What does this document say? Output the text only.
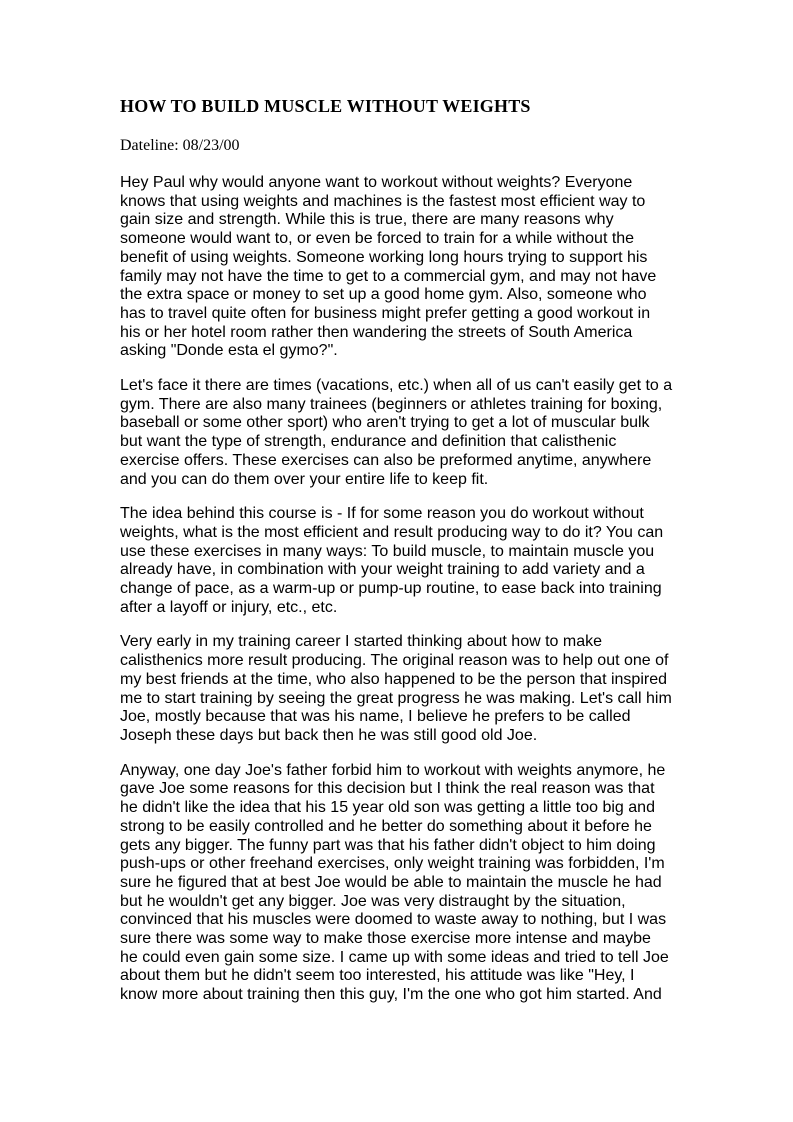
HOW TO BUILD MUSCLE WITHOUT WEIGHTS

Dateline: 08/23/00

Hey Paul why would anyone want to workout without weights? Everyone knows that using weights and machines is the fastest most efficient way to gain size and strength. While this is true, there are many reasons why someone would want to, or even be forced to train for a while without the benefit of using weights. Someone working long hours trying to support his family may not have the time to get to a commercial gym, and may not have the extra space or money to set up a good home gym. Also, someone who has to travel quite often for business might prefer getting a good workout in his or her hotel room rather then wandering the streets of South America asking "Donde esta el gymo?".

Let's face it there are times (vacations, etc.) when all of us can't easily get to a gym. There are also many trainees (beginners or athletes training for boxing, baseball or some other sport) who aren't trying to get a lot of muscular bulk but want the type of strength, endurance and definition that calisthenic exercise offers. These exercises can also be preformed anytime, anywhere and you can do them over your entire life to keep fit.

The idea behind this course is - If for some reason you do workout without weights, what is the most efficient and result producing way to do it? You can use these exercises in many ways: To build muscle, to maintain muscle you already have, in combination with your weight training to add variety and a change of pace, as a warm-up or pump-up routine, to ease back into training after a layoff or injury, etc., etc.

Very early in my training career I started thinking about how to make calisthenics more result producing. The original reason was to help out one of my best friends at the time, who also happened to be the person that inspired me to start training by seeing the great progress he was making. Let's call him Joe, mostly because that was his name, I believe he prefers to be called Joseph these days but back then he was still good old Joe.

Anyway, one day Joe's father forbid him to workout with weights anymore, he gave Joe some reasons for this decision but I think the real reason was that he didn't like the idea that his 15 year old son was getting a little too big and strong to be easily controlled and he better do something about it before he gets any bigger. The funny part was that his father didn't object to him doing push-ups or other freehand exercises, only weight training was forbidden, I'm sure he figured that at best Joe would be able to maintain the muscle he had but he wouldn't get any bigger. Joe was very distraught by the situation, convinced that his muscles were doomed to waste away to nothing, but I was sure there was some way to make those exercise more intense and maybe he could even gain some size. I came up with some ideas and tried to tell Joe about them but he didn't seem too interested, his attitude was like "Hey, I know more about training then this guy, I'm the one who got him started. And
